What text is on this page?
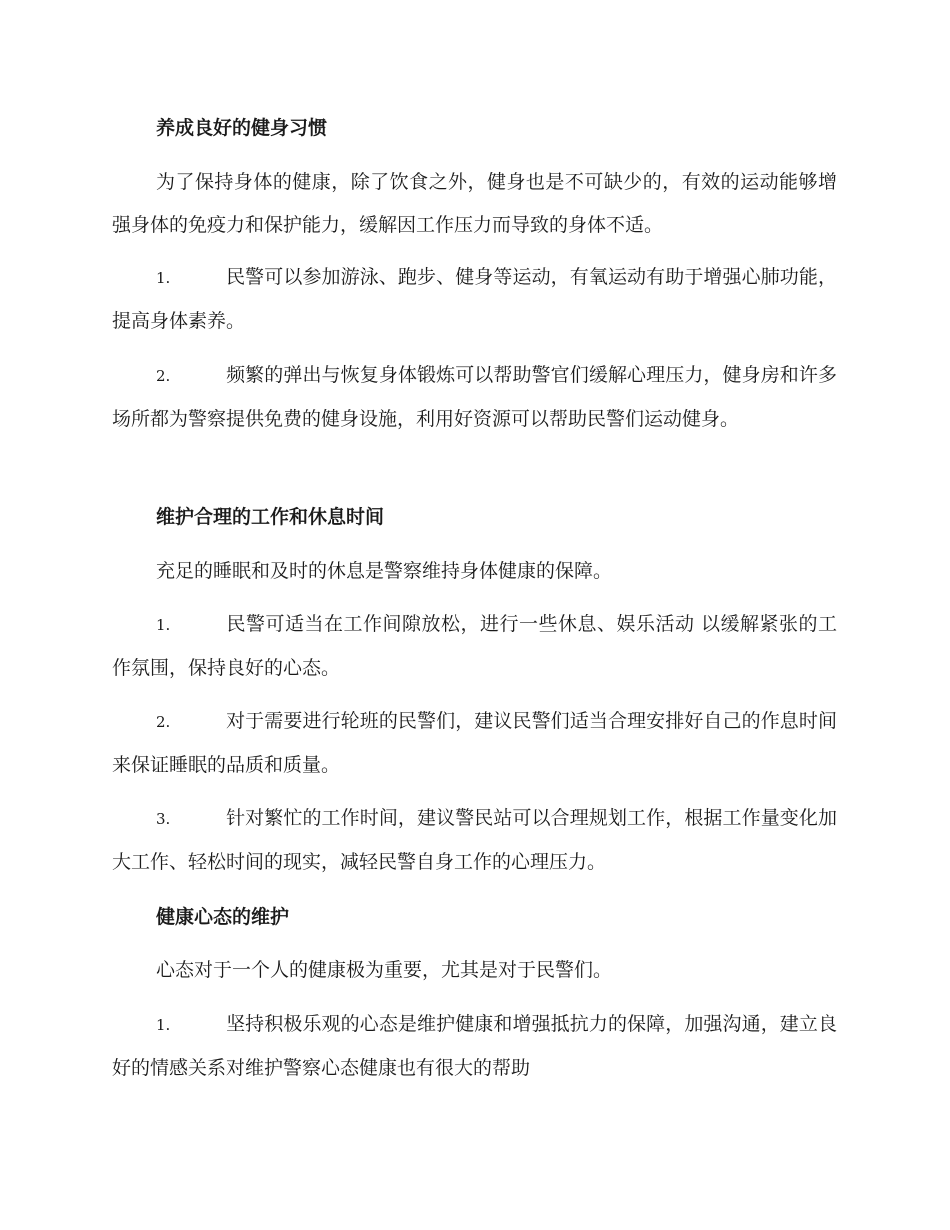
养成良好的健身习惯

为了保持身体的健康，除了饮食之外，健身也是不可缺少的，有效的运动能够增强身体的免疫力和保护能力，缓解因工作压力而导致的身体不适。

1.	民警可以参加游泳、跑步、健身等运动，有氧运动有助于增强心肺功能，提高身体素养。

2.	频繁的弹出与恢复身体锻炼可以帮助警官们缓解心理压力，健身房和许多场所都为警察提供免费的健身设施，利用好资源可以帮助民警们运动健身。

维护合理的工作和休息时间

充足的睡眠和及时的休息是警察维持身体健康的保障。

1.	民警可适当在工作间隙放松，进行一些休息、娱乐活动 以缓解紧张的工作氛围，保持良好的心态。

2.	对于需要进行轮班的民警们，建议民警们适当合理安排好自己的作息时间来保证睡眠的品质和质量。

3.	针对繁忙的工作时间，建议警民站可以合理规划工作，根据工作量变化加大工作、轻松时间的现实，减轻民警自身工作的心理压力。

健康心态的维护

心态对于一个人的健康极为重要，尤其是对于民警们。

1.	坚持积极乐观的心态是维护健康和增强抵抗力的保障，加强沟通，建立良好的情感关系对维护警察心态健康也有很大的帮助
